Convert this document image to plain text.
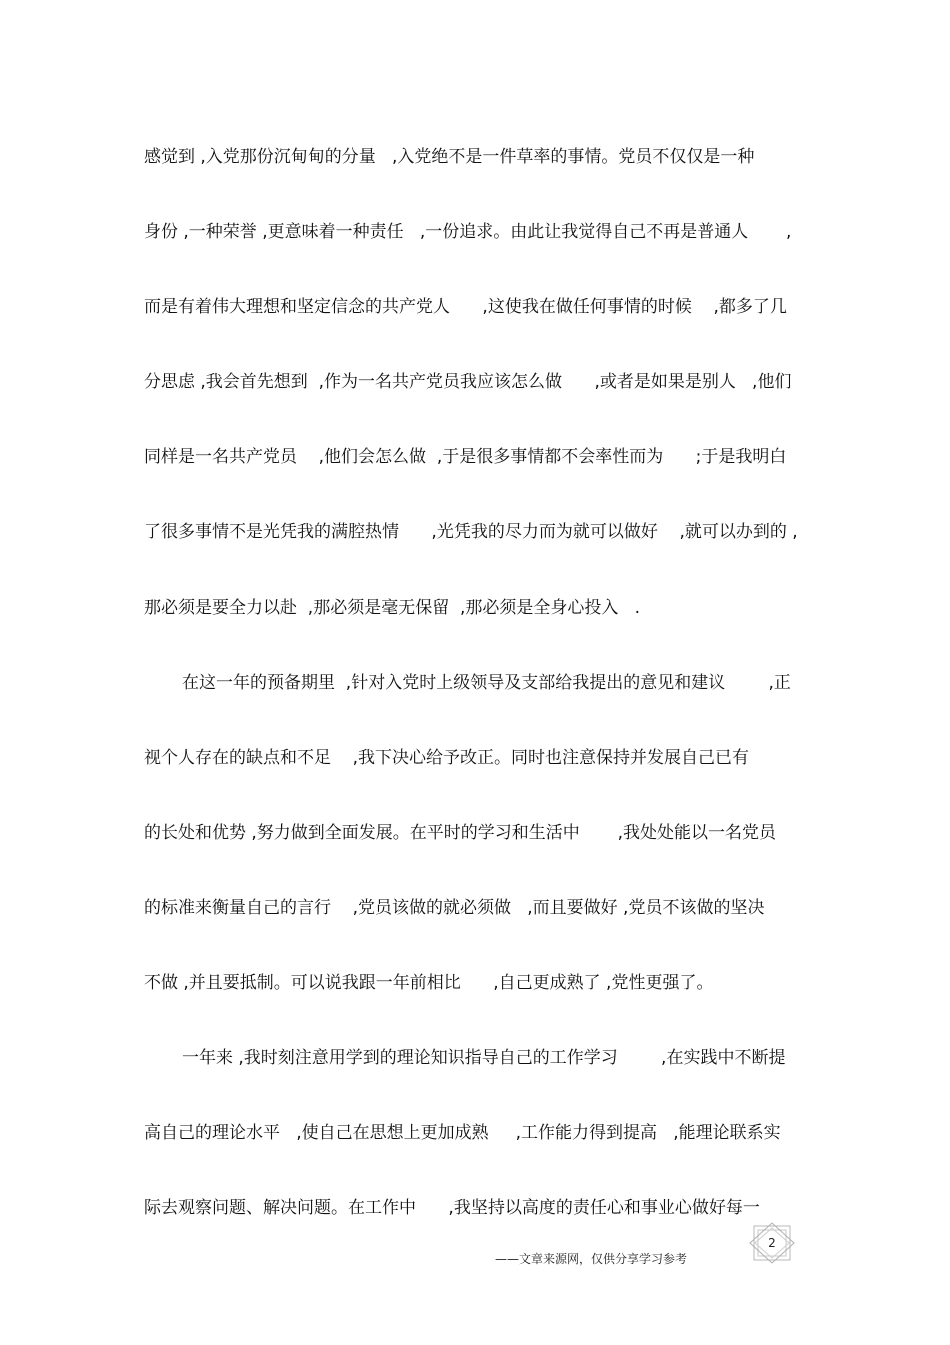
感觉到 ,入党那份沉甸甸的分量   ,入党绝不是一件草率的事情。党员不仅仅是一种
身份 ,一种荣誉 ,更意味着一种责任   ,一份追求。由此让我觉得自己不再是普通人       ,
而是有着伟大理想和坚定信念的共产党人      ,这使我在做任何事情的时候    ,都多了几
分思虑 ,我会首先想到  ,作为一名共产党员我应该怎么做      ,或者是如果是别人   ,他们
同样是一名共产党员    ,他们会怎么做  ,于是很多事情都不会率性而为      ;于是我明白
了很多事情不是光凭我的满腔热情      ,光凭我的尽力而为就可以做好    ,就可以办到的 ,
那必须是要全力以赴  ,那必须是毫无保留  ,那必须是全身心投入   .
在这一年的预备期里  ,针对入党时上级领导及支部给我提出的意见和建议        ,正
视个人存在的缺点和不足    ,我下决心给予改正。同时也注意保持并发展自己已有
的长处和优势 ,努力做到全面发展。在平时的学习和生活中       ,我处处能以一名党员
的标准来衡量自己的言行    ,党员该做的就必须做   ,而且要做好 ,党员不该做的坚决
不做 ,并且要抵制。可以说我跟一年前相比      ,自己更成熟了 ,党性更强了。
一年来 ,我时刻注意用学到的理论知识指导自己的工作学习        ,在实践中不断提
高自己的理论水平   ,使自己在思想上更加成熟     ,工作能力得到提高   ,能理论联系实
际去观察问题、解决问题。在工作中      ,我坚持以高度的责任心和事业心做好每一
——文章来源网，仅供分享学习参考
2
